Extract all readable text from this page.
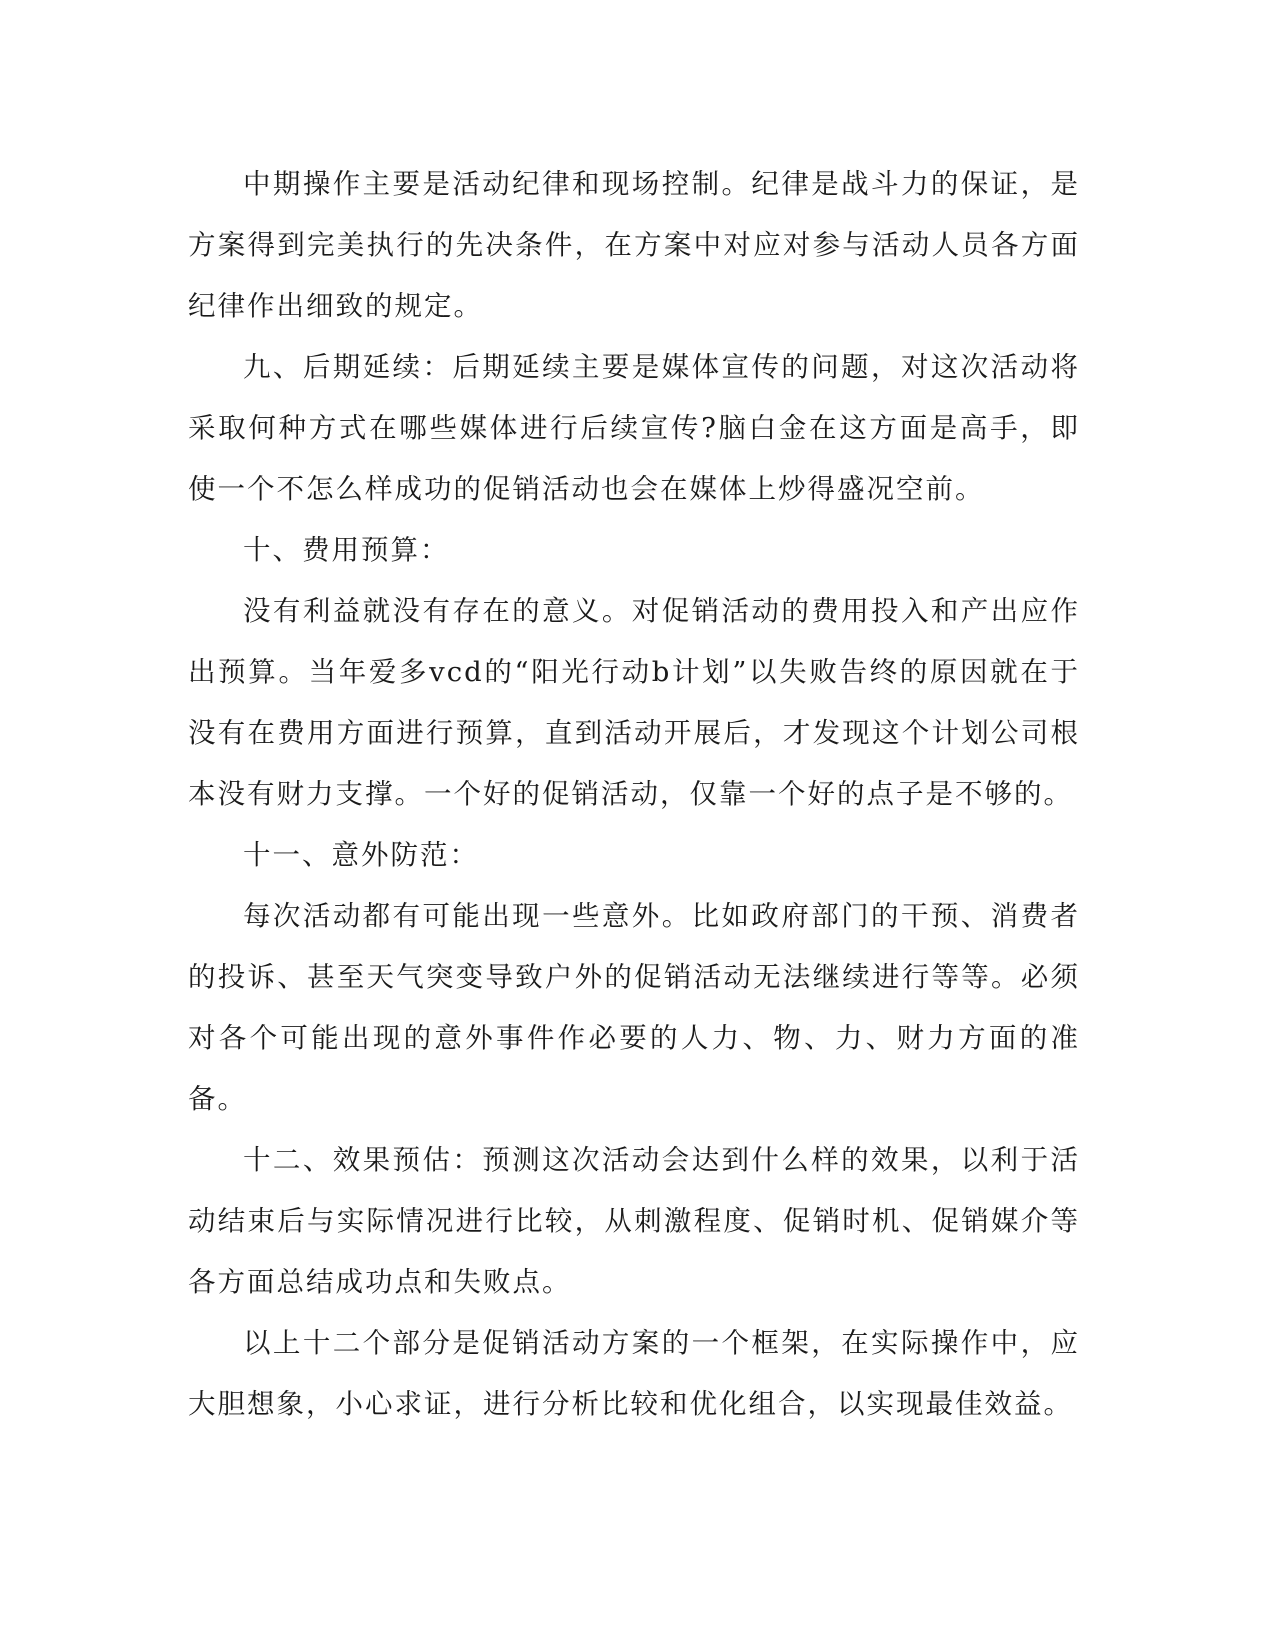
中期操作主要是活动纪律和现场控制。纪律是战斗力的保证，是方案得到完美执行的先决条件，在方案中对应对参与活动人员各方面纪律作出细致的规定。

九、后期延续：后期延续主要是媒体宣传的问题，对这次活动将采取何种方式在哪些媒体进行后续宣传?脑白金在这方面是高手，即使一个不怎么样成功的促销活动也会在媒体上炒得盛况空前。

十、费用预算：

没有利益就没有存在的意义。对促销活动的费用投入和产出应作出预算。当年爱多vcd的“阳光行动b计划”以失败告终的原因就在于没有在费用方面进行预算，直到活动开展后，才发现这个计划公司根本没有财力支撑。一个好的促销活动，仅靠一个好的点子是不够的。

十一、意外防范：

每次活动都有可能出现一些意外。比如政府部门的干预、消费者的投诉、甚至天气突变导致户外的促销活动无法继续进行等等。必须对各个可能出现的意外事件作必要的人力、物、力、财力方面的准备。

十二、效果预估：预测这次活动会达到什么样的效果，以利于活动结束后与实际情况进行比较，从刺激程度、促销时机、促销媒介等各方面总结成功点和失败点。

以上十二个部分是促销活动方案的一个框架，在实际操作中，应大胆想象，小心求证，进行分析比较和优化组合，以实现最佳效益。
